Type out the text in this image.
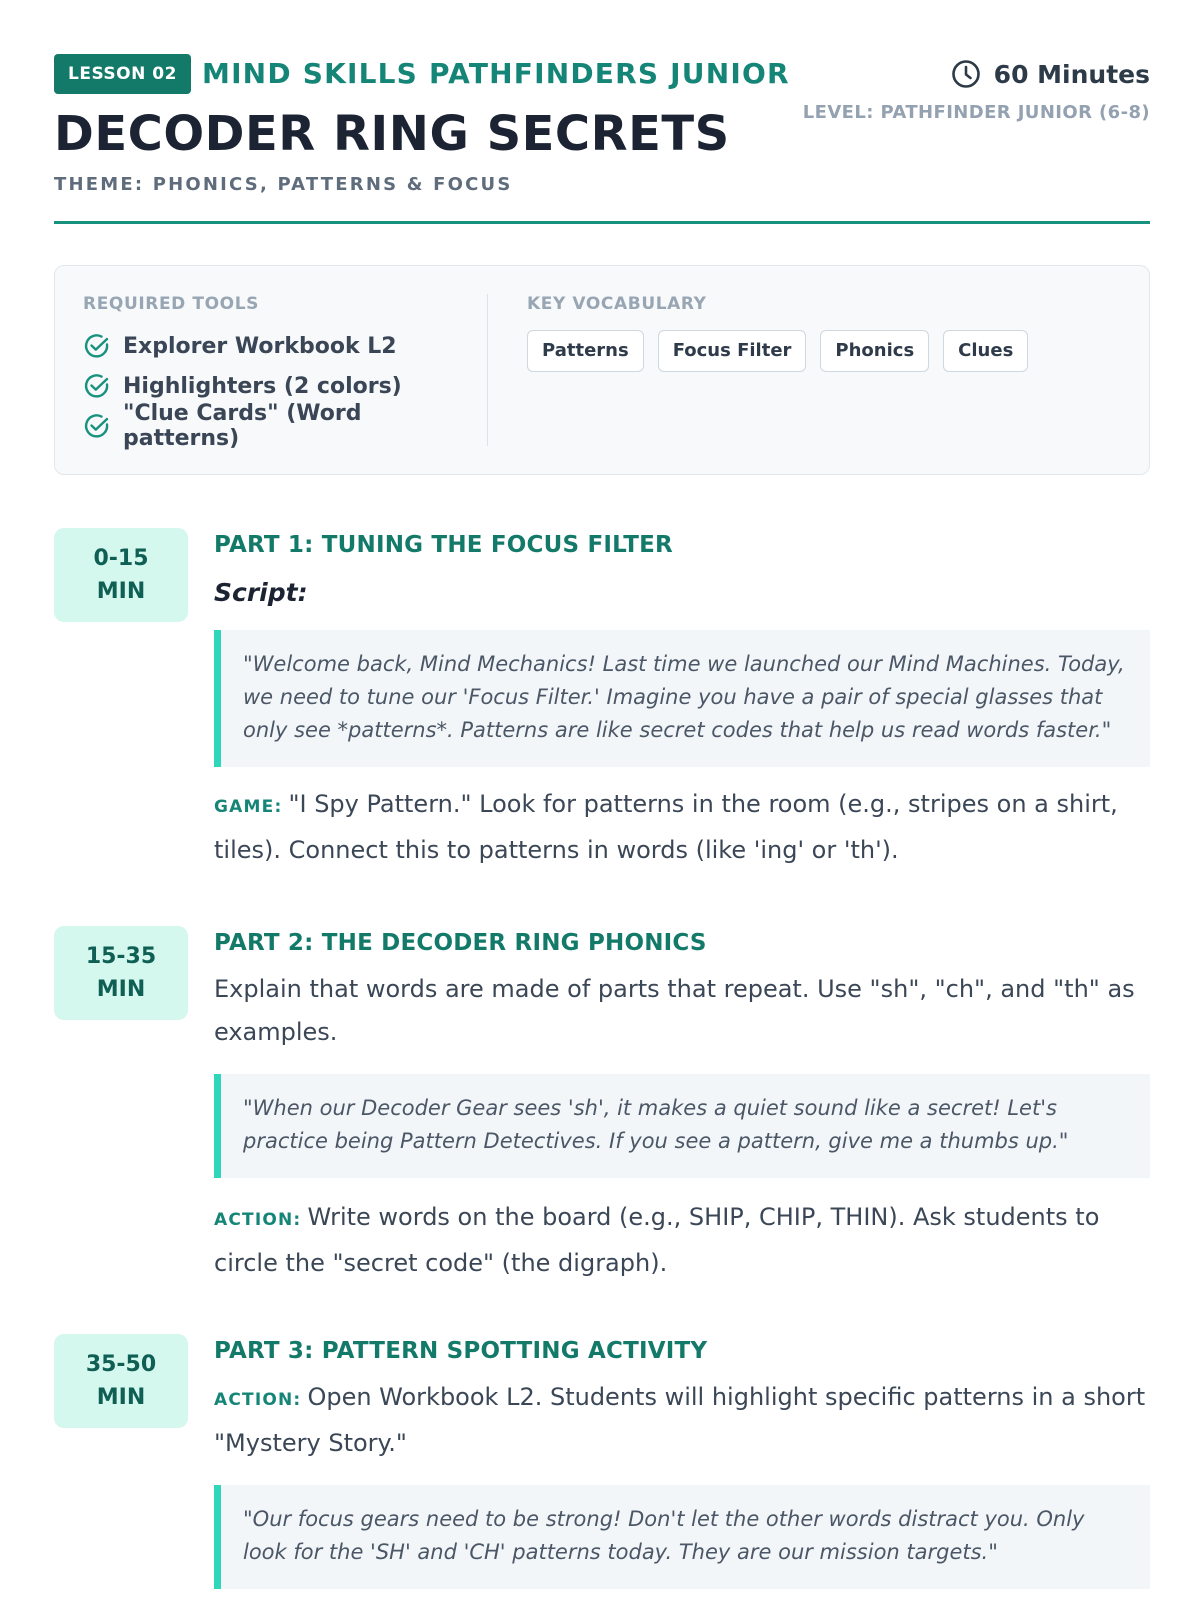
LESSON 02 MIND SKILLS PATHFINDERS JUNIOR
DECODER RING SECRETS
THEME: PHONICS, PATTERNS & FOCUS
60 Minutes
LEVEL: PATHFINDER JUNIOR (6-8)
REQUIRED TOOLS
Explorer Workbook L2
Highlighters (2 colors)
"Clue Cards" (Word patterns)
KEY VOCABULARY
Patterns	Focus Filter	Phonics	Clues
0-15
MIN
PART 1: TUNING THE FOCUS FILTER
Script:
"Welcome back, Mind Mechanics! Last time we launched our Mind Machines. Today, we need to tune our 'Focus Filter.' Imagine you have a pair of special glasses that only see *patterns*. Patterns are like secret codes that help us read words faster."
GAME: "I Spy Pattern." Look for patterns in the room (e.g., stripes on a shirt, tiles). Connect this to patterns in words (like 'ing' or 'th').
15-35
MIN
PART 2: THE DECODER RING PHONICS
Explain that words are made of parts that repeat. Use "sh", "ch", and "th" as examples.
"When our Decoder Gear sees 'sh', it makes a quiet sound like a secret! Let's practice being Pattern Detectives. If you see a pattern, give me a thumbs up."
ACTION: Write words on the board (e.g., SHIP, CHIP, THIN). Ask students to circle the "secret code" (the digraph).
35-50
MIN
PART 3: PATTERN SPOTTING ACTIVITY
ACTION: Open Workbook L2. Students will highlight specific patterns in a short "Mystery Story."
"Our focus gears need to be strong! Don't let the other words distract you. Only look for the 'SH' and 'CH' patterns today. They are our mission targets."
